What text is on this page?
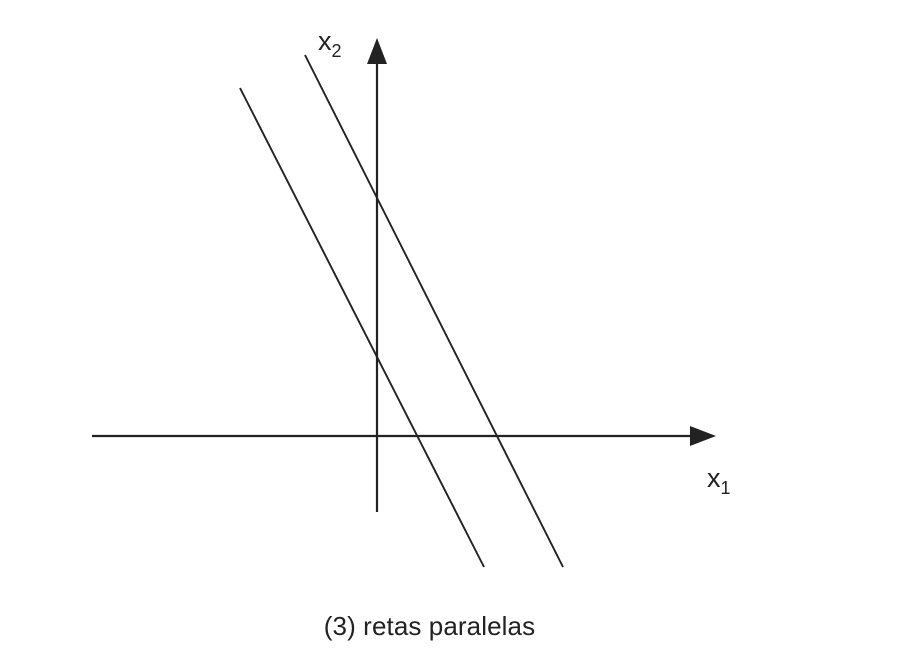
$x_2$
$x_1$
(3) retas paralelas
